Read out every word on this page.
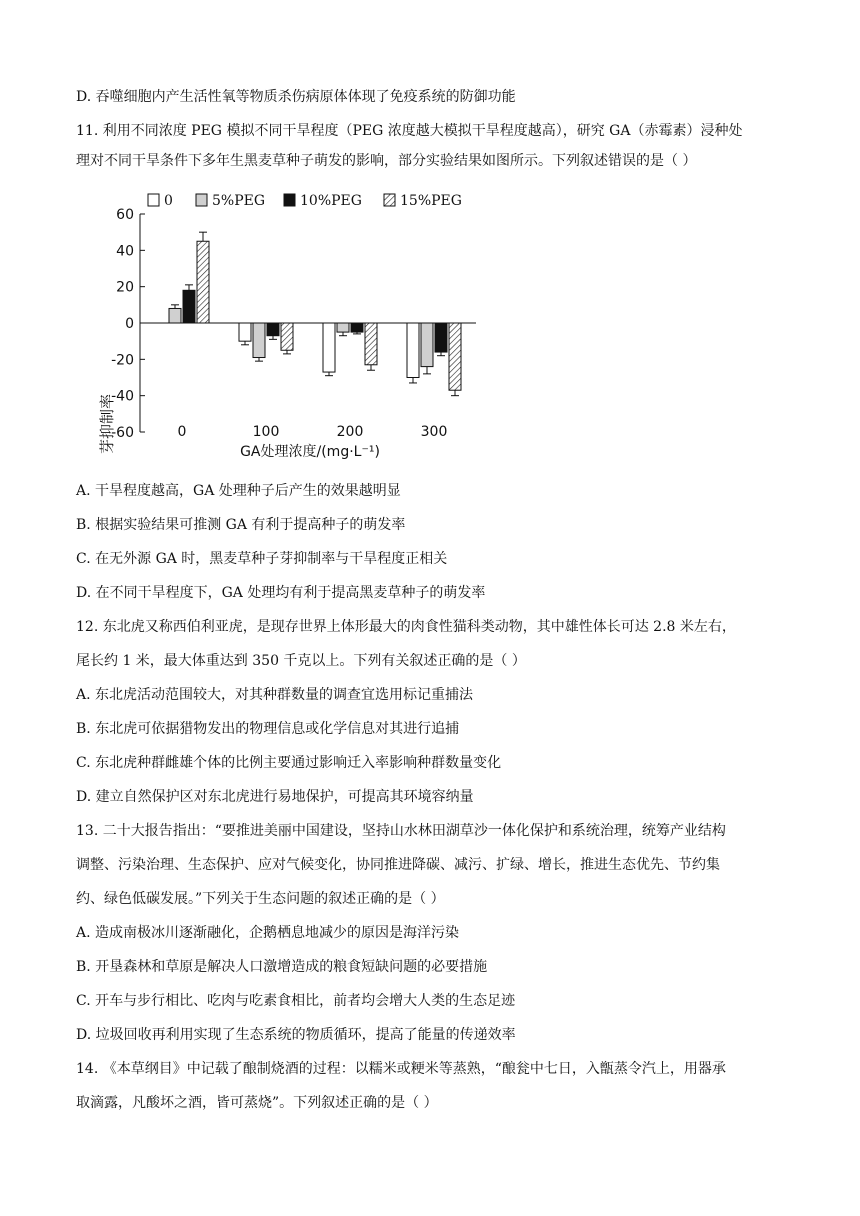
D. 吞噬细胞内产生活性氧等物质杀伤病原体体现了免疫系统的防御功能
11. 利用不同浓度 PEG 模拟不同干旱程度（PEG 浓度越大模拟干旱程度越高），研究 GA（赤霉素）浸种处
理对不同干旱条件下多年生黑麦草种子萌发的影响，部分实验结果如图所示。下列叙述错误的是（ ）
0	5%PEG 10%PEG	15%PEG
60
40
20
0
-20
-40
-60	0	100	200	300
芽抑制率	GA处理浓度/(mg·L⁻¹)
A. 干旱程度越高，GA 处理种子后产生的效果越明显
B. 根据实验结果可推测 GA 有利于提高种子的萌发率
C. 在无外源 GA 时，黑麦草种子芽抑制率与干旱程度正相关
D. 在不同干旱程度下，GA 处理均有利于提高黑麦草种子的萌发率
12. 东北虎又称西伯利亚虎，是现存世界上体形最大的肉食性猫科类动物，其中雄性体长可达 2.8 米左右，
尾长约 1 米，最大体重达到 350 千克以上。下列有关叙述正确的是（ ）
A. 东北虎活动范围较大，对其种群数量的调查宜选用标记重捕法
B. 东北虎可依据猎物发出的物理信息或化学信息对其进行追捕
C. 东北虎种群雌雄个体的比例主要通过影响迁入率影响种群数量变化
D. 建立自然保护区对东北虎进行易地保护，可提高其环境容纳量
13. 二十大报告指出：“要推进美丽中国建设，坚持山水林田湖草沙一体化保护和系统治理，统筹产业结构
调整、污染治理、生态保护、应对气候变化，协同推进降碳、减污、扩绿、增长，推进生态优先、节约集
约、绿色低碳发展。”下列关于生态问题的叙述正确的是（ ）
A. 造成南极冰川逐渐融化，企鹅栖息地减少的原因是海洋污染
B. 开垦森林和草原是解决人口激增造成的粮食短缺问题的必要措施
C. 开车与步行相比、吃肉与吃素食相比，前者均会增大人类的生态足迹
D. 垃圾回收再利用实现了生态系统的物质循环，提高了能量的传递效率
14. 《本草纲目》中记载了酿制烧酒的过程：以糯米或粳米等蒸熟，“酿瓮中七日，入甑蒸令汽上，用器承
取滴露，凡酸坏之酒，皆可蒸烧”。下列叙述正确的是（ ）
